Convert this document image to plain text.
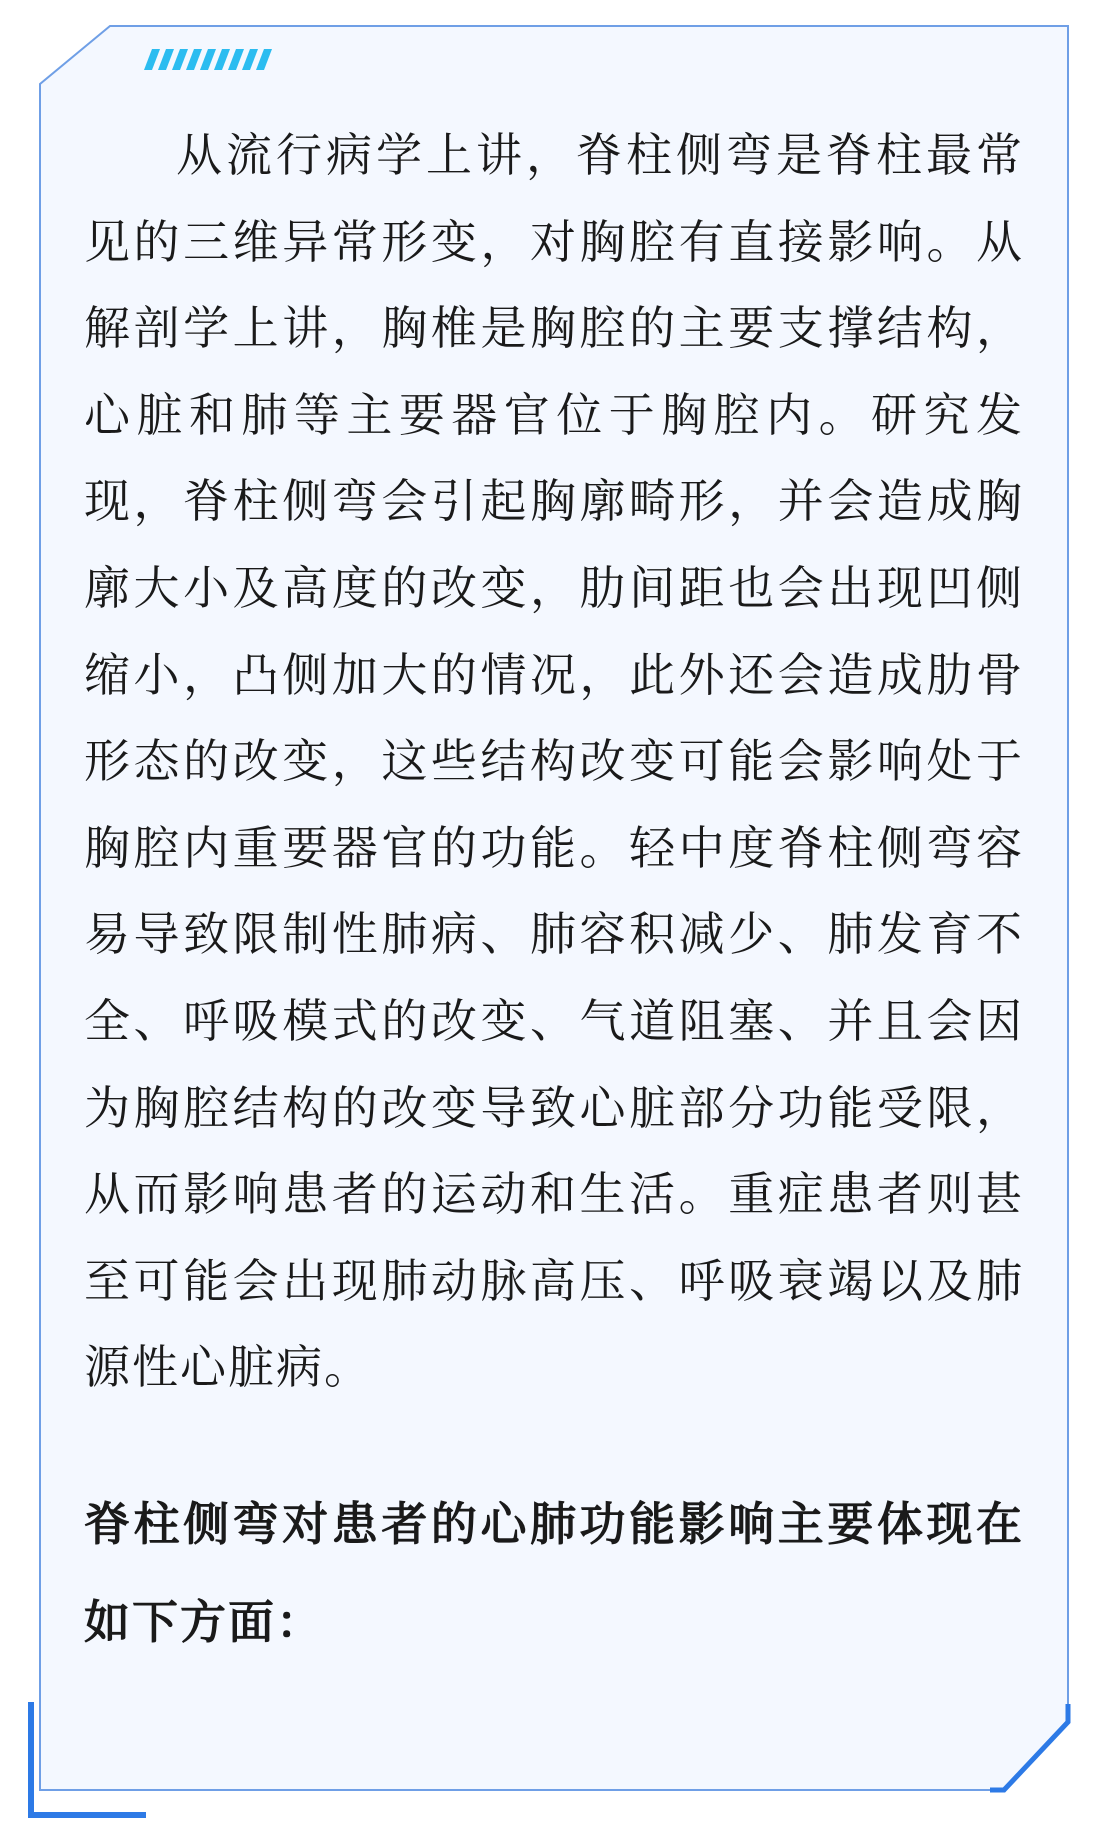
从流行病学上讲，脊柱侧弯是脊柱最常见的三维异常形变，对胸腔有直接影响。从解剖学上讲，胸椎是胸腔的主要支撑结构，心脏和肺等主要器官位于胸腔内。研究发现，脊柱侧弯会引起胸廓畸形，并会造成胸廓大小及高度的改变，肋间距也会出现凹侧缩小，凸侧加大的情况，此外还会造成肋骨形态的改变，这些结构改变可能会影响处于胸腔内重要器官的功能。轻中度脊柱侧弯容易导致限制性肺病、肺容积减少、肺发育不全、呼吸模式的改变、气道阻塞、并且会因为胸腔结构的改变导致心脏部分功能受限，从而影响患者的运动和生活。重症患者则甚至可能会出现肺动脉高压、呼吸衰竭以及肺源性心脏病。

脊柱侧弯对患者的心肺功能影响主要体现在如下方面：
